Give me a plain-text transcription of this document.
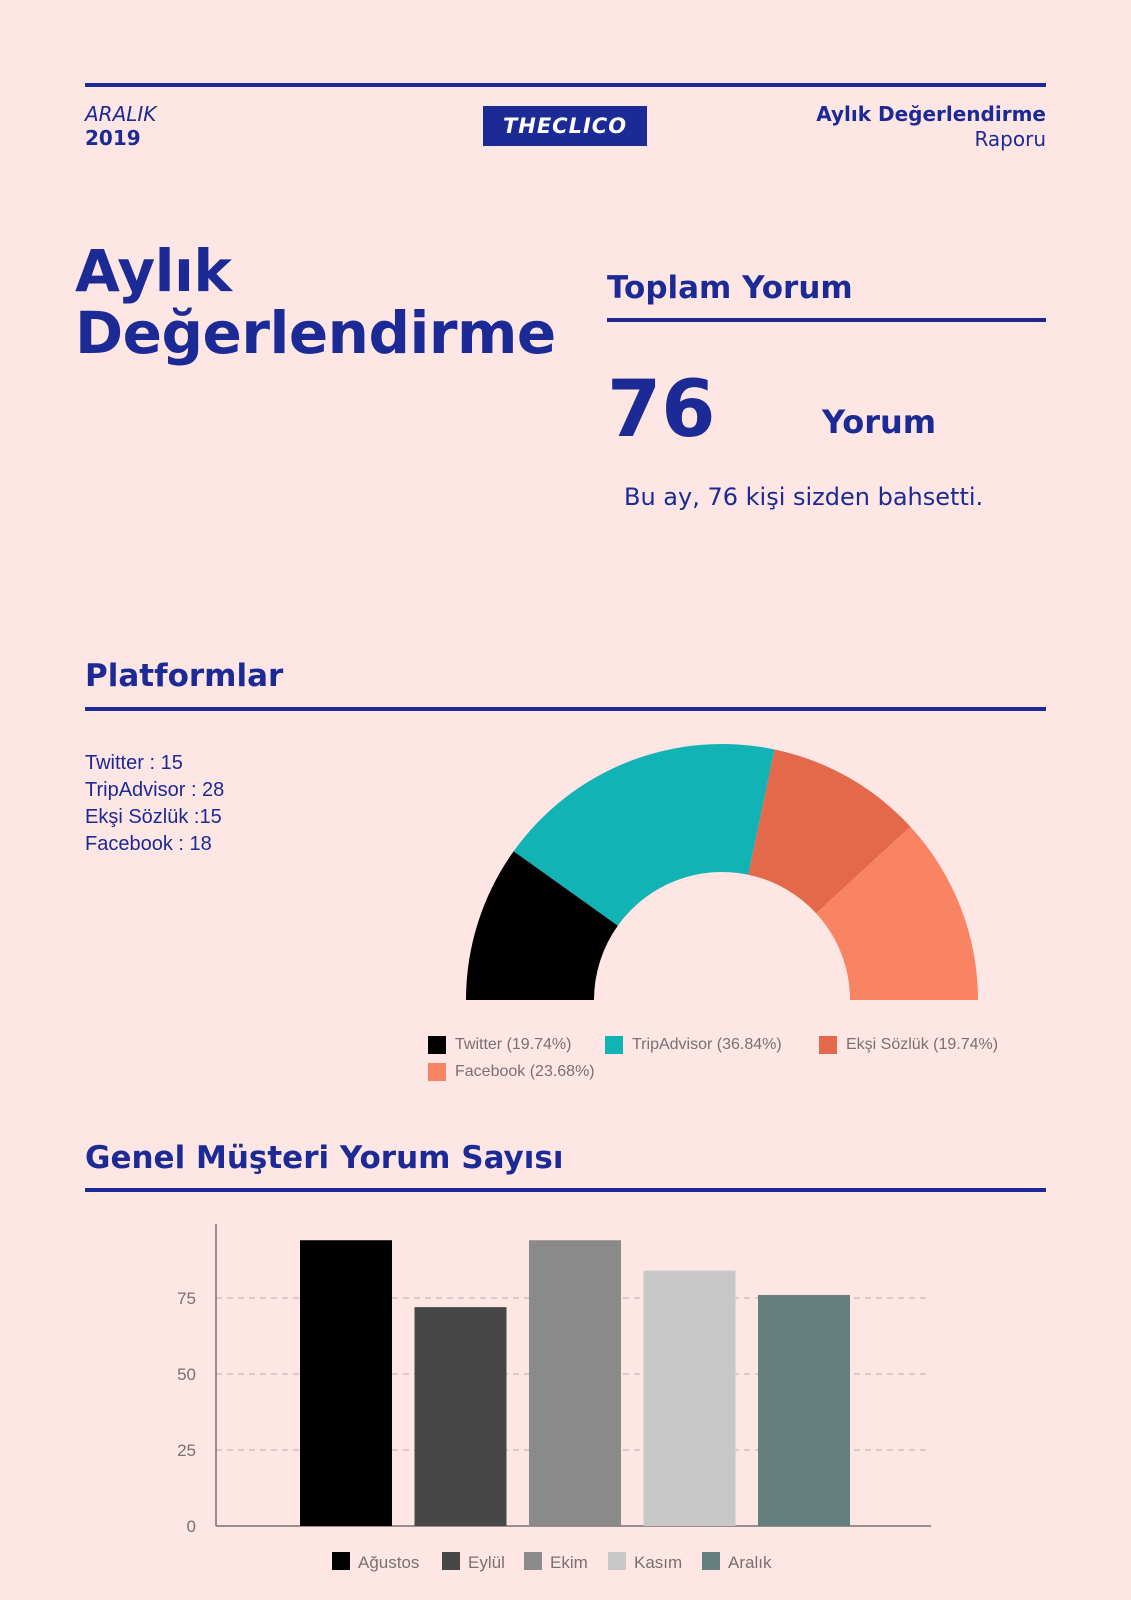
ARALIK
2019	THECLICO	Aylık Değerlendirme
Raporu
Aylık
Değerlendirme
Toplam Yorum
76	Yorum
Bu ay, 76 kişi sizden bahsetti.
Platformlar
Twitter : 15
TripAdvisor : 28
Ekşi Sözlük :15
Facebook : 18
Twitter (19.74%)	TripAdvisor (36.84%)	Ekşi Sözlük (19.74%)
Facebook (23.68%)
Genel Müşteri Yorum Sayısı
0
25
50
75
Ağustos	Eylül	Ekim	Kasım	Aralık
